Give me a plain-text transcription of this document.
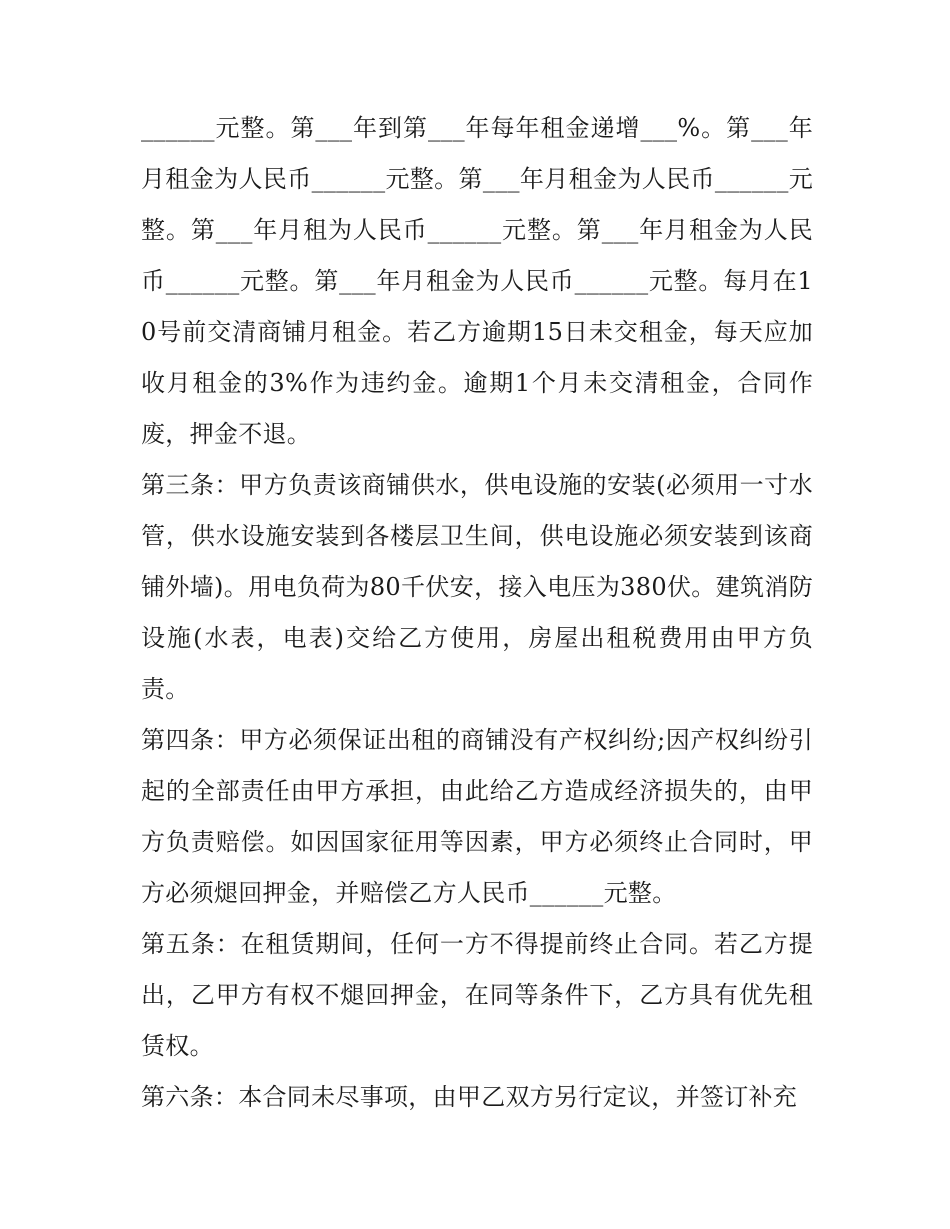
______元整。第___年到第___年每年租金递增___%。第___年月租金为人民币______元整。第___年月租金为人民币______元整。第___年月租为人民币______元整。第___年月租金为人民币______元整。第___年月租金为人民币______元整。每月在10号前交清商铺月租金。若乙方逾期15日未交租金，每天应加收月租金的3%作为违约金。逾期1个月未交清租金，合同作废，押金不退。

第三条：甲方负责该商铺供水，供电设施的安装(必须用一寸水管，供水设施安装到各楼层卫生间，供电设施必须安装到该商铺外墙)。用电负荷为80千伏安，接入电压为380伏。建筑消防设施(水表，电表)交给乙方使用，房屋出租税费用由甲方负责。

第四条：甲方必须保证出租的商铺没有产权纠纷;因产权纠纷引起的全部责任由甲方承担，由此给乙方造成经济损失的，由甲方负责赔偿。如因国家征用等因素，甲方必须终止合同时，甲方必须煺回押金，并赔偿乙方人民币______元整。

第五条：在租赁期间，任何一方不得提前终止合同。若乙方提出，乙甲方有权不煺回押金，在同等条件下，乙方具有优先租赁权。

第六条：本合同未尽事项，由甲乙双方另行定议，并签订补充
